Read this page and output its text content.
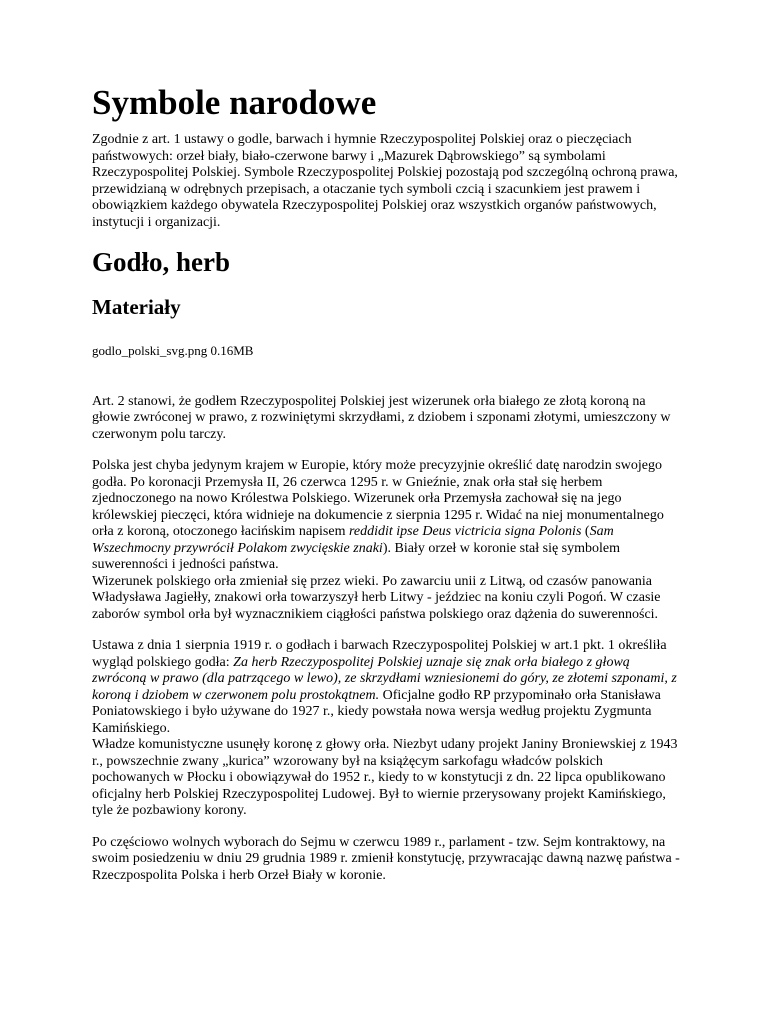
Symbole narodowe

Zgodnie z art. 1 ustawy o godle, barwach i hymnie Rzeczypospolitej Polskiej oraz o pieczęciach państwowych: orzeł biały, biało-czerwone barwy i „Mazurek Dąbrowskiego” są symbolami Rzeczypospolitej Polskiej. Symbole Rzeczypospolitej Polskiej pozostają pod szczególną ochroną prawa, przewidzianą w odrębnych przepisach, a otaczanie tych symboli czcią i szacunkiem jest prawem i obowiązkiem każdego obywatela Rzeczypospolitej Polskiej oraz wszystkich organów państwowych, instytucji i organizacji.

Godło, herb
Materiały

godlo_polski_svg.png 0.16MB

Art. 2 stanowi, że godłem Rzeczypospolitej Polskiej jest wizerunek orła białego ze złotą koroną na głowie zwróconej w prawo, z rozwiniętymi skrzydłami, z dziobem i szponami złotymi, umieszczony w czerwonym polu tarczy.

Polska jest chyba jedynym krajem w Europie, który może precyzyjnie określić datę narodzin swojego godła. Po koronacji Przemysła II, 26 czerwca 1295 r. w Gnieźnie, znak orła stał się herbem zjednoczonego na nowo Królestwa Polskiego. Wizerunek orła Przemysła zachował się na jego królewskiej pieczęci, która widnieje na dokumencie z sierpnia 1295 r. Widać na niej monumentalnego orła z koroną, otoczonego łacińskim napisem reddidit ipse Deus victricia signa Polonis (Sam Wszechmocny przywrócił Polakom zwycięskie znaki). Biały orzeł w koronie stał się symbolem suwerenności i jedności państwa.
Wizerunek polskiego orła zmieniał się przez wieki. Po zawarciu unii z Litwą, od czasów panowania Władysława Jagiełły, znakowi orła towarzyszył herb Litwy - jeździec na koniu czyli Pogoń. W czasie zaborów symbol orła był wyznacznikiem ciągłości państwa polskiego oraz dążenia do suwerenności.

Ustawa z dnia 1 sierpnia 1919 r. o godłach i barwach Rzeczypospolitej Polskiej w art.1 pkt. 1 określiła wygląd polskiego godła: Za herb Rzeczypospolitej Polskiej uznaje się znak orła białego z głową zwróconą w prawo (dla patrzącego w lewo), ze skrzydłami wzniesionemi do góry, ze złotemi szponami, z koroną i dziobem w czerwonem polu prostokątnem. Oficjalne godło RP przypominało orła Stanisława Poniatowskiego i było używane do 1927 r., kiedy powstała nowa wersja według projektu Zygmunta Kamińskiego.
Władze komunistyczne usunęły koronę z głowy orła. Niezbyt udany projekt Janiny Broniewskiej z 1943 r., powszechnie zwany „kurica” wzorowany był na książęcym sarkofagu władców polskich pochowanych w Płocku i obowiązywał do 1952 r., kiedy to w konstytucji z dn. 22 lipca opublikowano oficjalny herb Polskiej Rzeczypospolitej Ludowej. Był to wiernie przerysowany projekt Kamińskiego, tyle że pozbawiony korony.

Po częściowo wolnych wyborach do Sejmu w czerwcu 1989 r., parlament - tzw. Sejm kontraktowy, na swoim posiedzeniu w dniu 29 grudnia 1989 r. zmienił konstytucję, przywracając dawną nazwę państwa - Rzeczpospolita Polska i herb Orzeł Biały w koronie.
